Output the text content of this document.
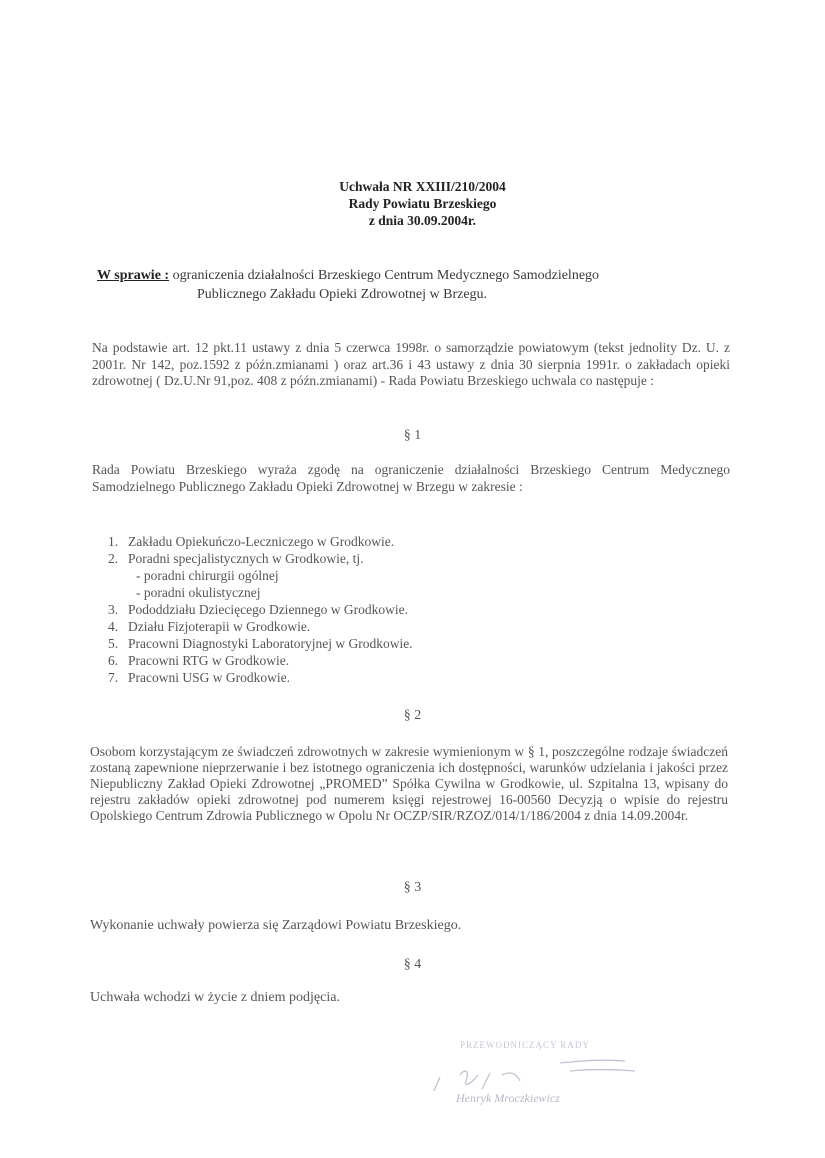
Uchwała NR XXIII/210/2004
Rady Powiatu Brzeskiego
z dnia 30.09.2004r.
W sprawie : ograniczenia działalności Brzeskiego Centrum Medycznego Samodzielnego
Publicznego Zakładu Opieki Zdrowotnej w Brzegu.
Na podstawie art. 12 pkt.11 ustawy z dnia 5 czerwca 1998r. o samorządzie powiatowym (tekst jednolity Dz. U. z 2001r. Nr 142, poz.1592 z późn.zmianami ) oraz art.36 i 43 ustawy z dnia 30 sierpnia 1991r. o zakładach opieki zdrowotnej ( Dz.U.Nr 91,poz. 408 z późn.zmianami) - Rada Powiatu Brzeskiego uchwala co następuje :
§ 1
Rada Powiatu Brzeskiego wyraża zgodę na ograniczenie działalności Brzeskiego Centrum Medycznego Samodzielnego Publicznego Zakładu Opieki Zdrowotnej w Brzegu w zakresie :
1. Zakładu Opiekuńczo-Leczniczego w Grodkowie.
2. Poradni specjalistycznych w Grodkowie, tj.
- poradni chirurgii ogólnej
- poradni okulistycznej
3. Pododdziału Dziecięcego Dziennego w Grodkowie.
4. Działu Fizjoterapii w Grodkowie.
5. Pracowni Diagnostyki Laboratoryjnej w Grodkowie.
6. Pracowni RTG w Grodkowie.
7. Pracowni USG w Grodkowie.
§ 2
Osobom korzystającym ze świadczeń zdrowotnych w zakresie wymienionym w § 1, poszczególne rodzaje świadczeń zostaną zapewnione nieprzerwanie i bez istotnego ograniczenia ich dostępności, warunków udzielania i jakości przez Niepubliczny Zakład Opieki Zdrowotnej „PROMED” Spółka Cywilna w Grodkowie, ul. Szpitalna 13, wpisany do rejestru zakładów opieki zdrowotnej pod numerem księgi rejestrowej 16-00560 Decyzją o wpisie do rejestru Opolskiego Centrum Zdrowia Publicznego w Opolu Nr OCZP/SIR/RZOZ/014/1/186/2004 z dnia 14.09.2004r.
§ 3
Wykonanie uchwały powierza się Zarządowi Powiatu Brzeskiego.
§ 4
Uchwała wchodzi w życie z dniem podjęcia.
PRZEWODNICZĄCY RADY
Henryk Mroczkiewicz
